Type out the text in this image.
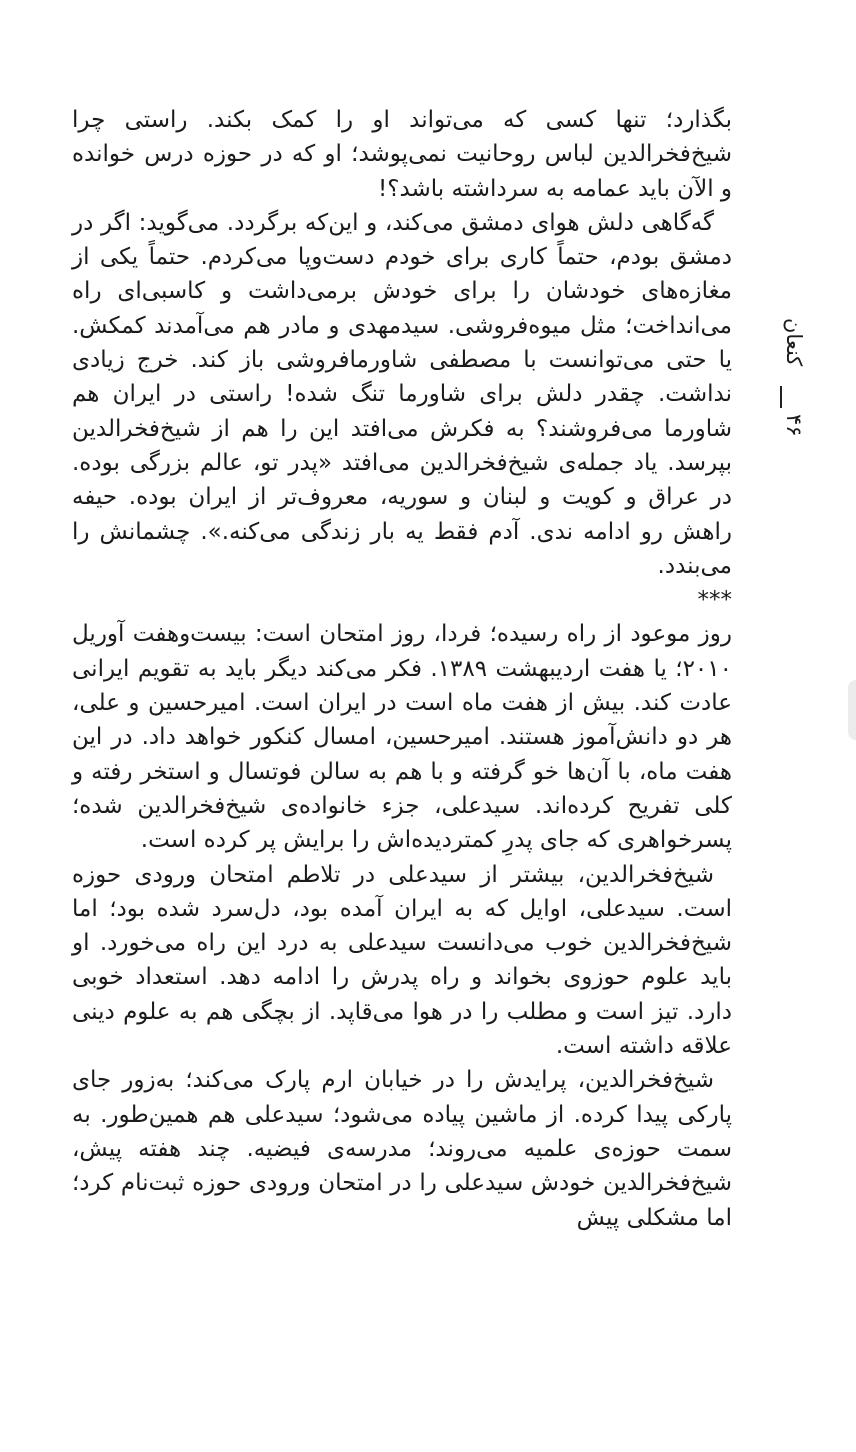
کنعان
۴۶

بگذارد؛ تنها کسی که می‌تواند او را کمک بکند. راستی چرا شیخ‌فخرالدین لباس روحانیت نمی‌پوشد؛ او که در حوزه درس خوانده و الآن باید عمامه به سرداشته باشد؟!

گه‌گاهی دلش هوای دمشق می‌کند، و این‌که برگردد. می‌گوید: اگر در دمشق بودم، حتماً کاری برای خودم دست‌وپا می‌کردم. حتماً یکی از مغازه‌های خودشان را برای خودش برمی‌داشت و کاسبی‌ای راه می‌انداخت؛ مثل میوه‌فروشی. سیدمهدی و مادر هم می‌آمدند کمکش. یا حتی می‌توانست با مصطفی شاورمافروشی باز کند. خرج زیادی نداشت. چقدر دلش برای شاورما تنگ شده! راستی در ایران هم شاورما می‌فروشند؟ به فکرش می‌افتد این را هم از شیخ‌فخرالدین بپرسد. یاد جمله‌ی شیخ‌فخرالدین می‌افتد «پدر تو، عالم بزرگی بوده. در عراق و کویت و لبنان و سوریه، معروف‌تر از ایران بوده. حیفه راهش رو ادامه ندی. آدم فقط یه بار زندگی می‌کنه.». چشمانش را می‌بندد.

***

روز موعود از راه رسیده؛ فردا، روز امتحان است: بیست‌وهفت آوریل ۲۰۱۰؛ یا هفت اردیبهشت ۱۳۸۹. فکر می‌کند دیگر باید به تقویم ایرانی عادت کند. بیش از هفت ماه است در ایران است. امیرحسین و علی، هر دو دانش‌آموز هستند. امیرحسین، امسال کنکور خواهد داد. در این هفت ماه، با آن‌ها خو گرفته و با هم به سالن فوتسال و استخر رفته و کلی تفریح کرده‌اند. سیدعلی، جزء خانواده‌ی شیخ‌فخرالدین شده؛ پسرخواهری که جای پدرِ کمتردیده‌اش را برایش پر کرده است.

شیخ‌فخرالدین، بیشتر از سیدعلی در تلاطم امتحان ورودی حوزه است. سیدعلی، اوایل که به ایران آمده بود، دل‌سرد شده بود؛ اما شیخ‌فخرالدین خوب می‌دانست سیدعلی به درد این راه می‌خورد. او باید علوم حوزوی بخواند و راه پدرش را ادامه دهد. استعداد خوبی دارد. تیز است و مطلب را در هوا می‌قاپد. از بچگی هم به علوم دینی علاقه داشته است.

شیخ‌فخرالدین، پرایدش را در خیابان ارم پارک می‌کند؛ به‌زور جای پارکی پیدا کرده. از ماشین پیاده می‌شود؛ سیدعلی هم همین‌طور. به سمت حوزه‌ی علمیه می‌روند؛ مدرسه‌ی فیضیه. چند هفته پیش، شیخ‌فخرالدین خودش سیدعلی را در امتحان ورودی حوزه ثبت‌نام کرد؛ اما مشکلی پیش
